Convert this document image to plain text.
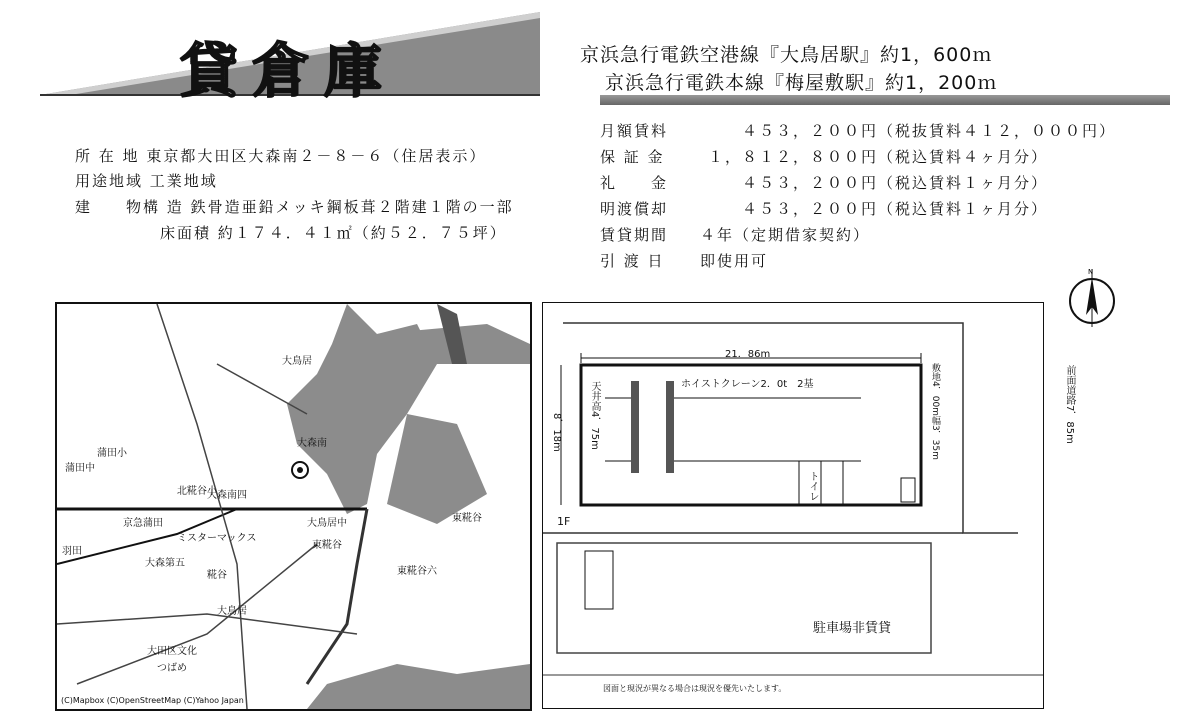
貸倉庫	京浜急行電鉄空港線『大鳥居駅』約1，600ｍ
京浜急行電鉄本線『梅屋敷駅』約1，200ｍ
所 在 地 東京都大田区大森南２－８－６（住居表示）
用途地域 工業地域
建　　物構 造 鉄骨造亜鉛メッキ鋼板葺２階建１階の一部
床面積 約１７４．４１㎡（約５２．７５坪）
月額賃料	４５３，２００円（税抜賃料４１２，０００円）
保 証 金	１，８１２，８００円（税込賃料４ヶ月分）
礼　　金	４５３，２００円（税込賃料１ヶ月分）
明渡償却	４５３，２００円（税込賃料１ヶ月分）
賃貸期間 ４年（定期借家契約）
引 渡 日 即使用可
N
大鳥居
京急蒲田
蒲田中
大森南
東糀谷
羽田
北糀谷小
大森南四
ミスターマックス
大鳥居
大田区文化
糀谷
つばめ
東糀谷
大鳥居中
蒲田小
大森第五
東糀谷六
(C)Mapbox (C)OpenStreetMap (C)Yahoo Japan
21．86m
8．18m	天井高4．75m	ホイストクレーン2．0t　2基
トイレ
1F
駐車場非賃貸
敷地4．00m幅3．35m
図面と現況が異なる場合は現況を優先いたします。
前面道路7．85m
